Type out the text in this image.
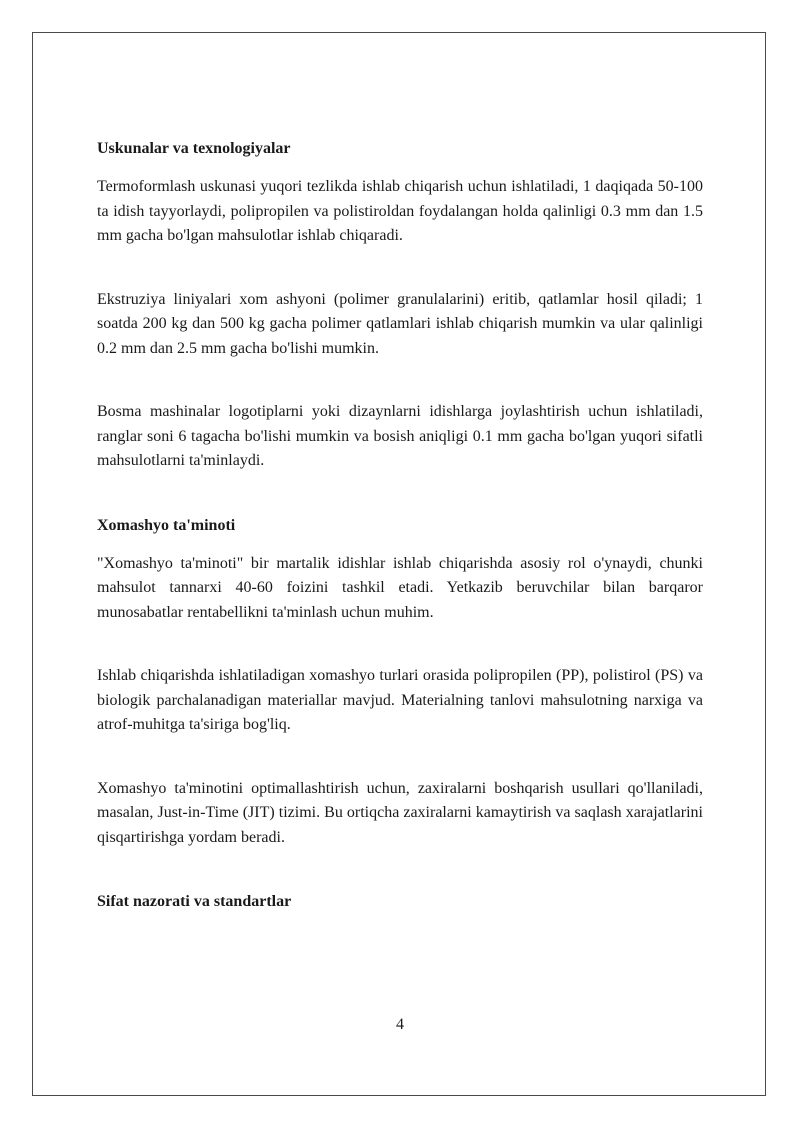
Uskunalar va texnologiyalar

Termoformlash uskunasi yuqori tezlikda ishlab chiqarish uchun ishlatiladi, 1 daqiqada 50-100 ta idish tayyorlaydi, polipropilen va polistiroldan foydalangan holda qalinligi 0.3 mm dan 1.5 mm gacha bo'lgan mahsulotlar ishlab chiqaradi.

Ekstruziya liniyalari xom ashyoni (polimer granulalarini) eritib, qatlamlar hosil qiladi; 1 soatda 200 kg dan 500 kg gacha polimer qatlamlari ishlab chiqarish mumkin va ular qalinligi 0.2 mm dan 2.5 mm gacha bo'lishi mumkin.

Bosma mashinalar logotiplarni yoki dizaynlarni idishlarga joylashtirish uchun ishlatiladi, ranglar soni 6 tagacha bo'lishi mumkin va bosish aniqligi 0.1 mm gacha bo'lgan yuqori sifatli mahsulotlarni ta'minlaydi.

Xomashyo ta'minoti

"Xomashyo ta'minoti" bir martalik idishlar ishlab chiqarishda asosiy rol o'ynaydi, chunki mahsulot tannarxi 40-60 foizini tashkil etadi. Yetkazib beruvchilar bilan barqaror munosabatlar rentabellikni ta'minlash uchun muhim.

Ishlab chiqarishda ishlatiladigan xomashyo turlari orasida polipropilen (PP), polistirol (PS) va biologik parchalanadigan materiallar mavjud. Materialning tanlovi mahsulotning narxiga va atrof-muhitga ta'siriga bog'liq.

Xomashyo ta'minotini optimallashtirish uchun, zaxiralarni boshqarish usullari qo'llaniladi, masalan, Just-in-Time (JIT) tizimi. Bu ortiqcha zaxiralarni kamaytirish va saqlash xarajatlarini qisqartirishga yordam beradi.

Sifat nazorati va standartlar
4
